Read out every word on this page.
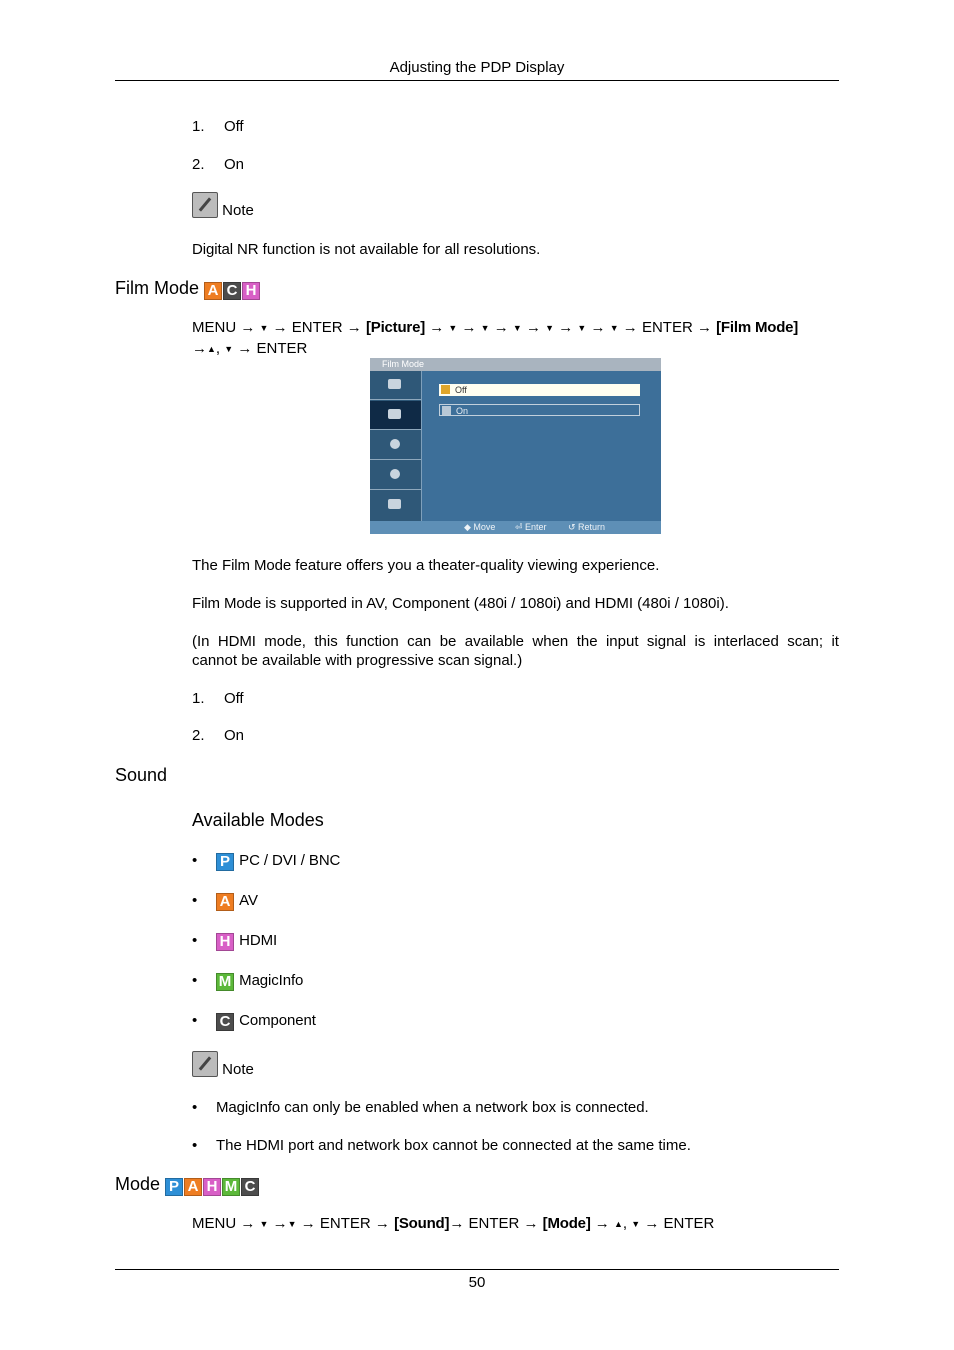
Adjusting the PDP Display
1. Off
2. On
Note
Digital NR function is not available for all resolutions.
Film Mode A C H
MENU → ▼ → ENTER → [Picture] → ▼ → ▼ → ▼ → ▼ → ▼ → ▼ → ENTER → [Film Mode]
→▲, ▼ → ENTER
Film Mode
Off
On
◆ Move ⏎ Enter ↺ Return
The Film Mode feature offers you a theater-quality viewing experience.
Film Mode is supported in AV, Component (480i / 1080i) and HDMI (480i / 1080i).
(In HDMI mode, this function can be available when the input signal is interlaced scan; it
cannot be available with progressive scan signal.)
1. Off
2. On
Sound
Available Modes
• P PC / DVI / BNC
• A AV
• H HDMI
• M MagicInfo
• C Component
Note
• MagicInfo can only be enabled when a network box is connected.
• The HDMI port and network box cannot be connected at the same time.
Mode P A H M C
MENU → ▼ →▼ → ENTER → [Sound]→ ENTER → [Mode] → ▲, ▼ → ENTER
50
